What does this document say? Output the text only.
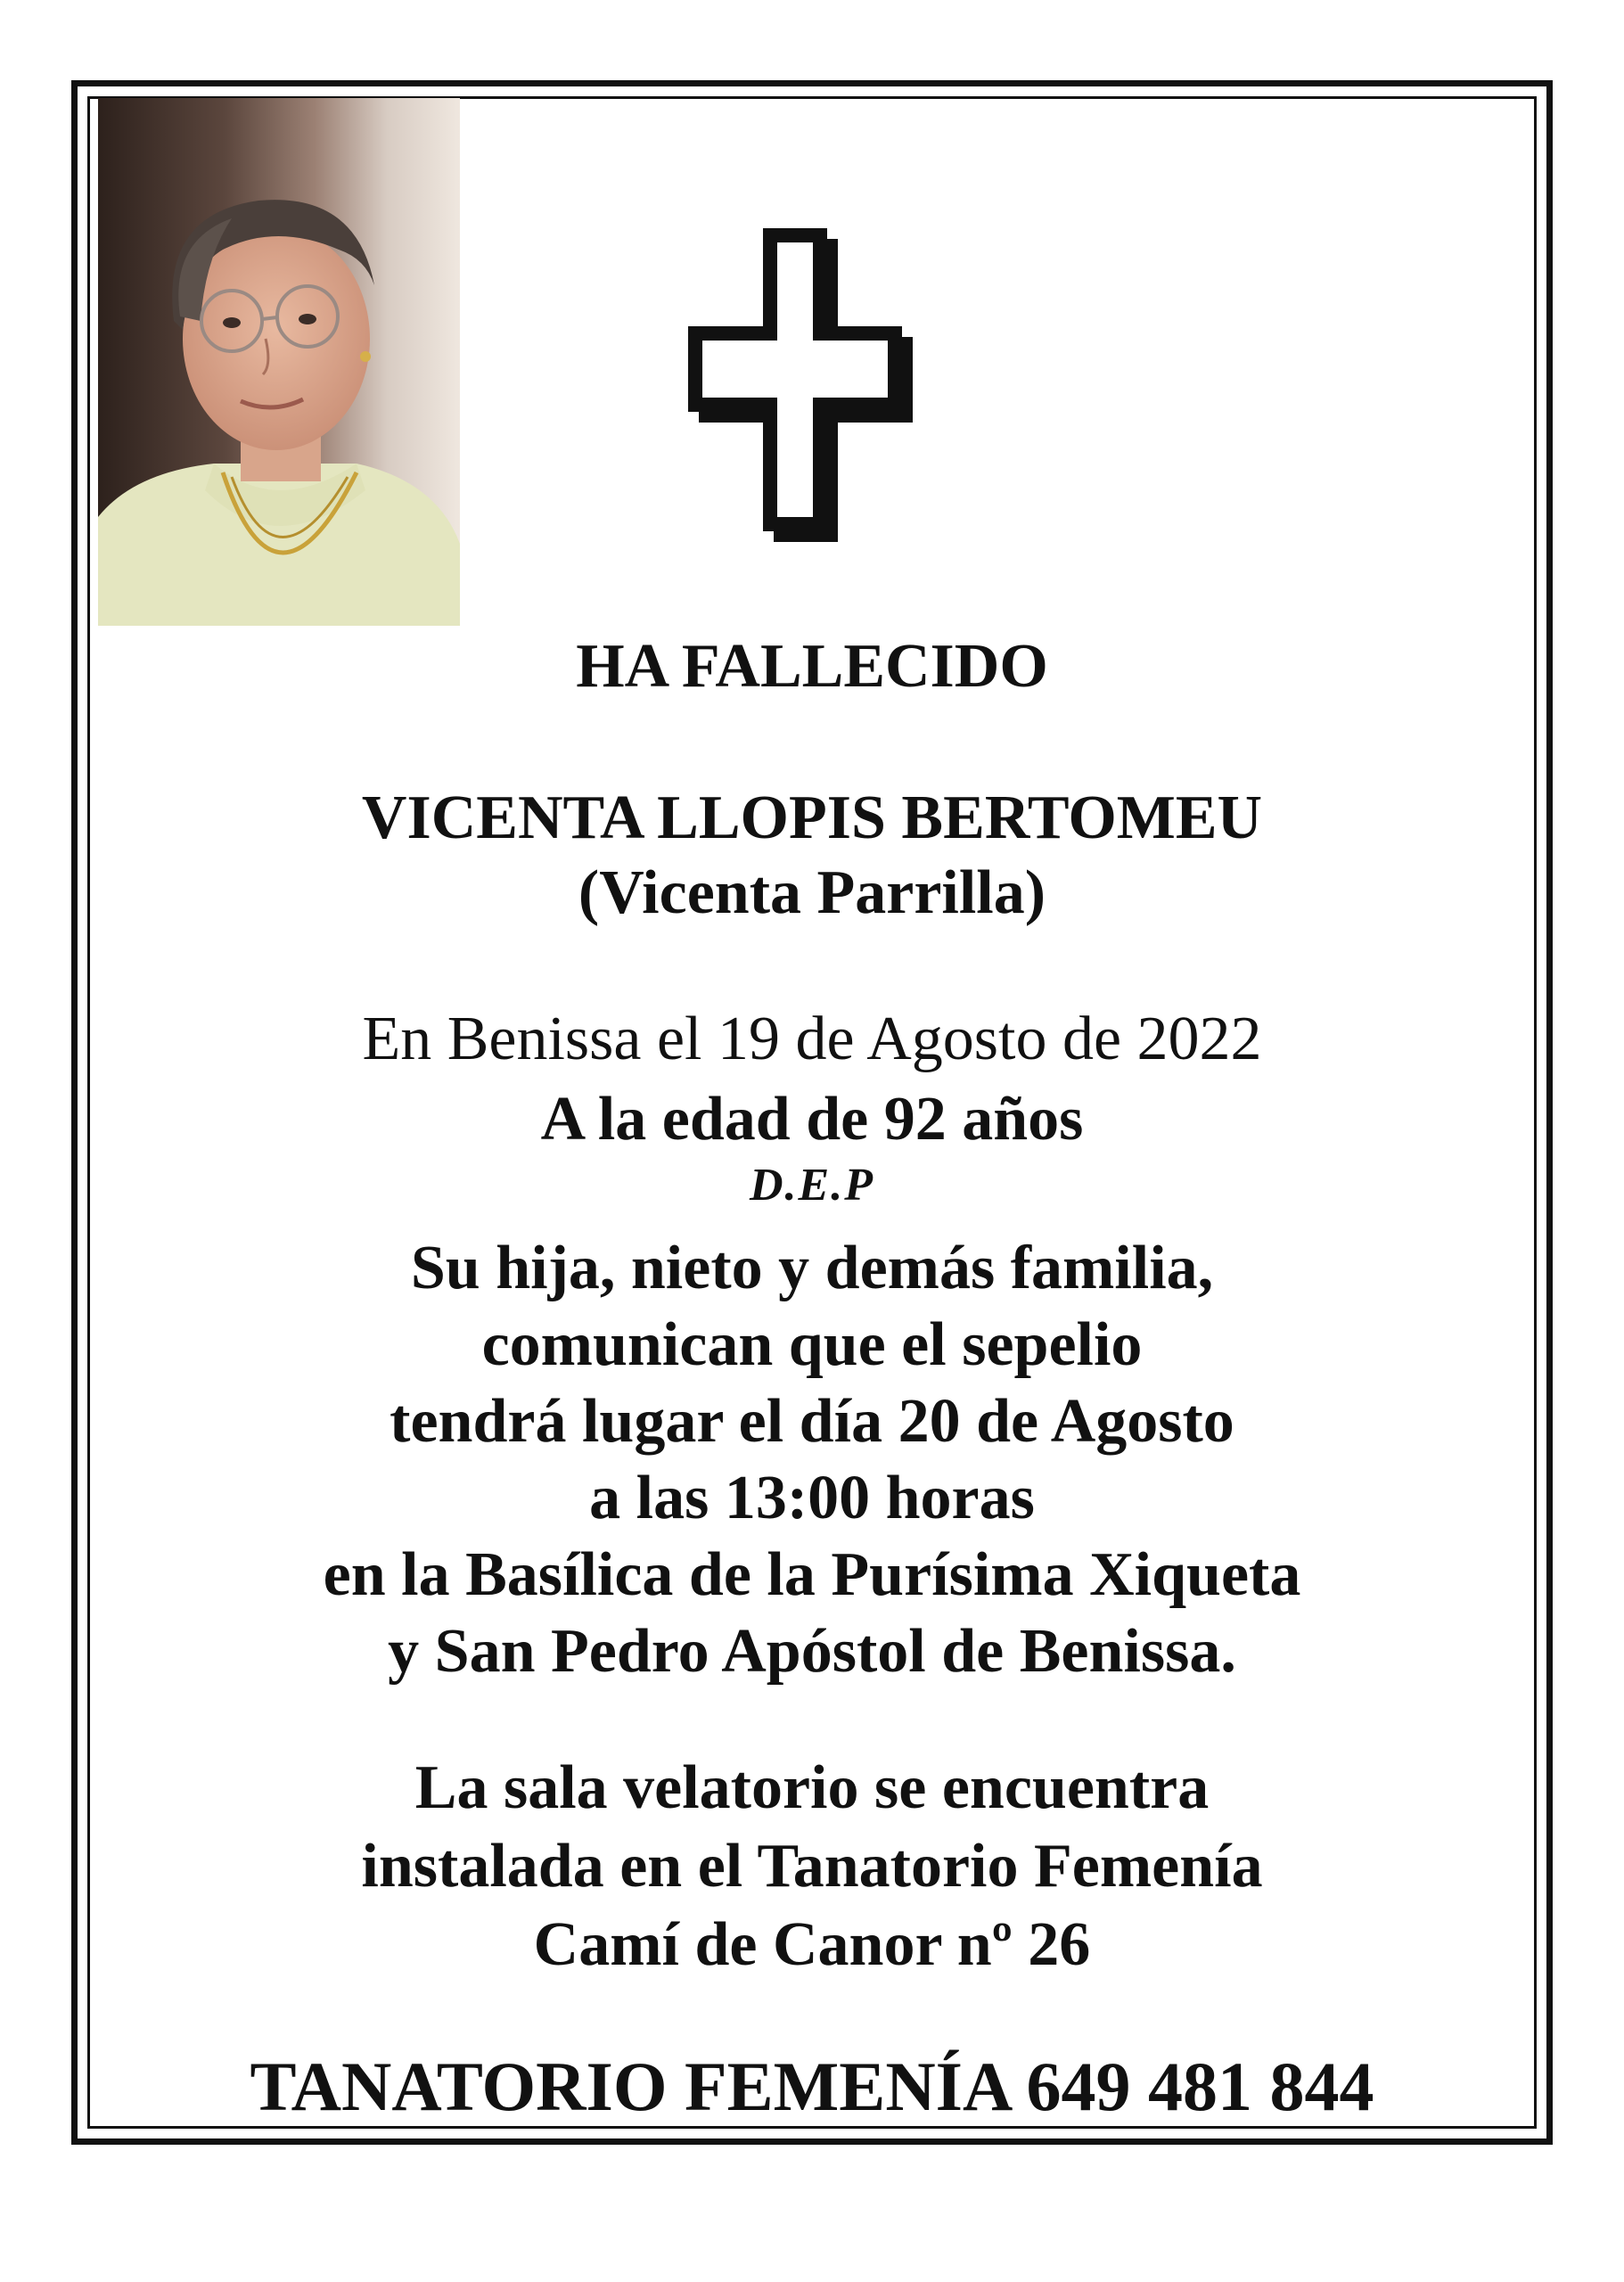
HA FALLECIDO

VICENTA LLOPIS BERTOMEU
(Vicenta Parrilla)

En Benissa el 19 de Agosto de 2022

A la edad de 92 años

D.E.P

Su hija, nieto y demás familia,
comunican que el sepelio
tendrá lugar el día 20 de Agosto
a las 13:00 horas
en la Basílica de la Purísima Xiqueta
y San Pedro Apóstol de Benissa.
La sala velatorio se encuentra
instalada en el Tanatorio Femenía
Camí de Canor nº 26

TANATORIO FEMENÍA 649 481 844
